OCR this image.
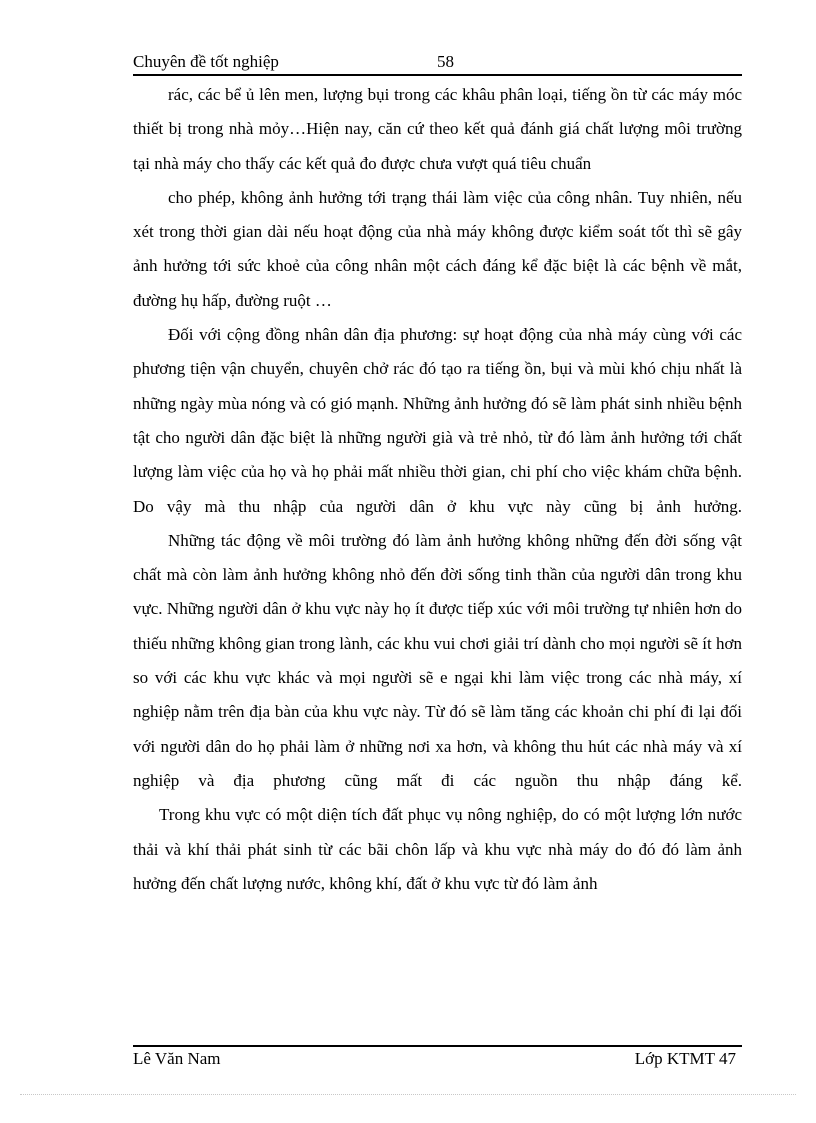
Chuyên đề tốt nghiệp	58

rác, các bể ủ lên men, lượng bụi trong các khâu phân loại, tiếng ồn từ các máy móc thiết bị trong nhà mỏy…Hiện nay, căn cứ theo kết quả đánh giá chất lượng môi trường tại nhà máy cho thấy các kết quả đo được chưa vượt quá tiêu chuẩn

cho phép, không ảnh hưởng tới trạng thái làm việc của công nhân. Tuy nhiên, nếu xét trong thời gian dài nếu hoạt động của nhà máy không được kiểm soát tốt thì sẽ gây ảnh hưởng tới sức khoẻ của công nhân một cách đáng kể đặc biệt là các bệnh về mắt, đường hụ hấp, đường ruột …

Đối với cộng đồng nhân dân địa phương: sự hoạt động của nhà máy cùng với các phương tiện vận chuyển, chuyên chở rác đó tạo ra tiếng ồn, bụi và mùi khó chịu nhất là những ngày mùa nóng và có gió mạnh. Những ảnh hưởng đó sẽ làm phát sinh nhiều bệnh tật cho người dân đặc biệt là những người già và trẻ nhỏ, từ đó làm ảnh hưởng tới chất lượng làm việc của họ và họ phải mất nhiều thời gian, chi phí cho việc khám chữa bệnh. Do vậy mà thu nhập của người dân ở khu vực này cũng bị ảnh hưởng.

Những tác động về môi trường đó làm ảnh hưởng không những đến đời sống vật chất mà còn làm ảnh hưởng không nhỏ đến đời sống tinh thần của người dân trong khu vực. Những người dân ở khu vực này họ ít được tiếp xúc với môi trường tự nhiên hơn do thiếu những không gian trong lành, các khu vui chơi giải trí dành cho mọi người sẽ ít hơn so với các khu vực khác và mọi người sẽ e ngại khi làm việc trong các nhà máy, xí nghiệp nằm trên địa bàn của khu vực này. Từ đó sẽ làm tăng các khoản chi phí đi lại đối với người dân do họ phải làm ở những nơi xa hơn, và không thu hút các nhà máy và xí nghiệp và địa phương cũng mất đi các nguồn thu nhập đáng kể.

Trong khu vực có một diện tích đất phục vụ nông nghiệp, do có một lượng lớn nước thải và khí thải phát sinh từ các bãi chôn lấp và khu vực nhà máy do đó đó làm ảnh hưởng đến chất lượng nước, không khí, đất ở khu vực từ đó làm ảnh

Lê Văn Nam	Lớp KTMT 47
